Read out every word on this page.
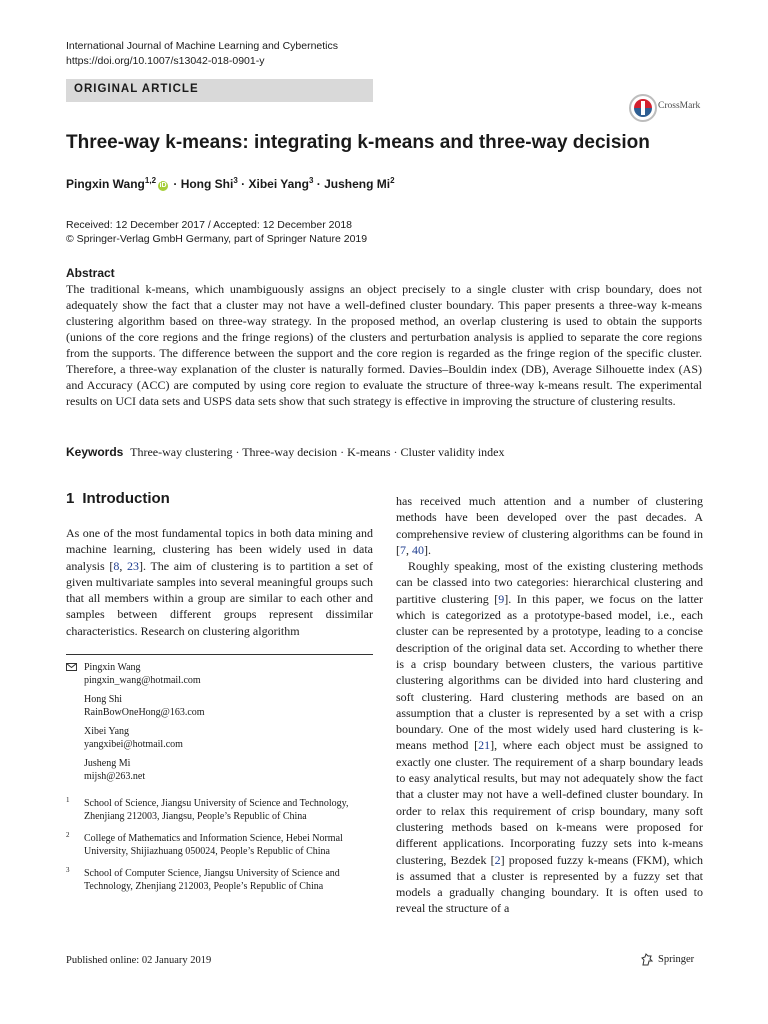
International Journal of Machine Learning and Cybernetics
https://doi.org/10.1007/s13042-018-0901-y
ORIGINAL ARTICLE
CrossMark
Three-way k-means: integrating k-means and three-way decision
Pingxin Wang$^{1,2}$iD · Hong Shi$^3$ · Xibei Yang$^3$ · Jusheng Mi$^2$
Received: 12 December 2017 / Accepted: 12 December 2018
© Springer-Verlag GmbH Germany, part of Springer Nature 2019
Abstract
The traditional k-means, which unambiguously assigns an object precisely to a single cluster with crisp boundary, does not adequately show the fact that a cluster may not have a well-defined cluster boundary. This paper presents a three-way k-means clustering algorithm based on three-way strategy. In the proposed method, an overlap clustering is used to obtain the supports (unions of the core regions and the fringe regions) of the clusters and perturbation analysis is applied to separate the core regions from the supports. The difference between the support and the core region is regarded as the fringe region of the specific cluster. Therefore, a three-way explanation of the cluster is naturally formed. Davies–Bouldin index (DB), Average Silhouette index (AS) and Accuracy (ACC) are computed by using core region to evaluate the structure of three-way k-means result. The experimental results on UCI data sets and USPS data sets show that such strategy is effective in improving the structure of clustering results.
Keywords Three-way clustering · Three-way decision · K-means · Cluster validity index
1 Introduction

As one of the most fundamental topics in both data mining and machine learning, clustering has been widely used in data analysis [8, 23]. The aim of clustering is to partition a set of given multivariate samples into several meaningful groups such that all members within a group are similar to each other and samples between different groups represent dissimilar characteristics. Research on clustering algorithm

has received much attention and a number of clustering methods have been developed over the past decades. A comprehensive review of clustering algorithms can be found in [7, 40].

Roughly speaking, most of the existing clustering methods can be classed into two categories: hierarchical clustering and partitive clustering [9]. In this paper, we focus on the latter which is categorized as a prototype-based model, i.e., each cluster can be represented by a prototype, leading to a concise description of the original data set. According to whether there is a crisp boundary between clusters, the various partitive clustering algorithms can be divided into hard clustering and soft clustering. Hard clustering methods are based on an assumption that a cluster is represented by a set with a crisp boundary. One of the most widely used hard clustering is k-means method [21], where each object must be assigned to exactly one cluster. The requirement of a sharp boundary leads to easy analytical results, but may not adequately show the fact that a cluster may not have a well-defined cluster boundary. In order to relax this requirement of crisp boundary, many soft clustering methods based on k-means were proposed for different applications. Incorporating fuzzy sets into k-means clustering, Bezdek [2] proposed fuzzy k-means (FKM), which is assumed that a cluster is represented by a fuzzy set that models a gradually changing boundary. It is often used to reveal the structure of a

Pingxin Wang
pingxin_wang@hotmail.com
Hong Shi
RainBowOneHong@163.com
Xibei Yang
yangxibei@hotmail.com
Jusheng Mi
mijsh@263.net
1 School of Science, Jiangsu University of Science and Technology, Zhenjiang 212003, Jiangsu, People’s Republic of China
2 College of Mathematics and Information Science, Hebei Normal University, Shijiazhuang 050024, People’s Republic of China
3 School of Computer Science, Jiangsu University of Science and Technology, Zhenjiang 212003, People’s Republic of China
Published online: 02 January 2019	Springer
